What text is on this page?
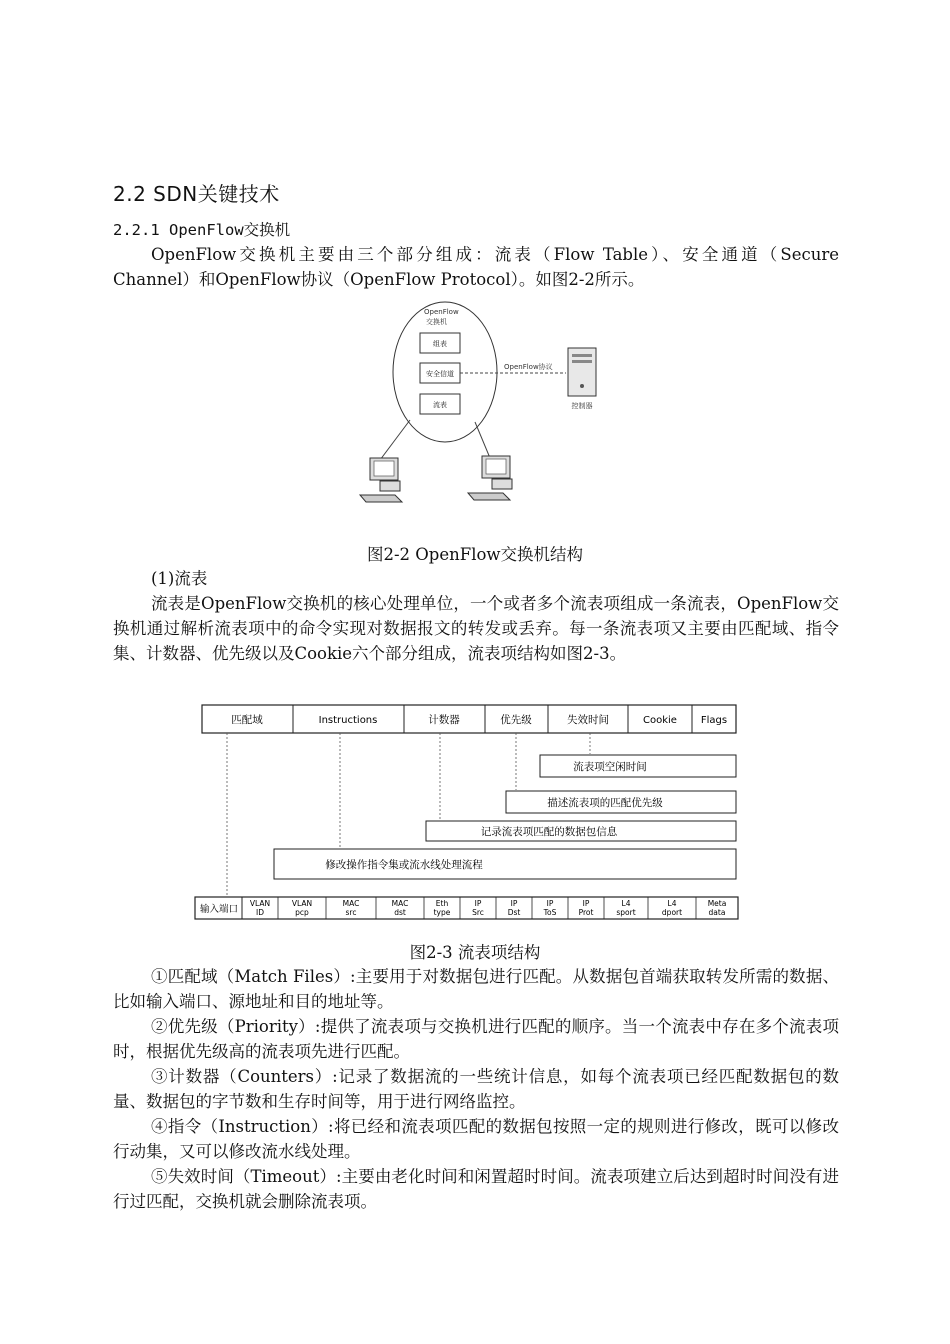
2.2 SDN关键技术
2.2.1 OpenFlow交换机

OpenFlow交换机主要由三个部分组成：流表（Flow Table）、安全通道（Secure Channel）和OpenFlow协议（OpenFlow Protocol）。如图2-2所示。

OpenFlow
交换机
组表
安全信道
流表
OpenFlow协议
控制器

图2-2 OpenFlow交换机结构

(1)流表

流表是OpenFlow交换机的核心处理单位，一个或者多个流表项组成一条流表，OpenFlow交换机通过解析流表项中的命令实现对数据报文的转发或丢弃。每一条流表项又主要由匹配域、指令集、计数器、优先级以及Cookie六个部分组成，流表项结构如图2-3。

匹配域	Instructions	计数器	优先级	失效时间	Cookie Flags
流表项空闲时间
描述流表项的匹配优先级
记录流表项匹配的数据包信息
修改操作指令集或流水线处理流程
输入端口
VLAN
ID
VLAN
pcp
MAC
src
MAC
dst
Eth
type
IP
Src
IP
Dst
IP
ToS
IP
Prot
L4
sport
L4
dport
Meta
data

图2-3 流表项结构

①匹配域（Match Files）:主要用于对数据包进行匹配。从数据包首端获取转发所需的数据、比如输入端口、源地址和目的地址等。

②优先级（Priority）:提供了流表项与交换机进行匹配的顺序。当一个流表中存在多个流表项时，根据优先级高的流表项先进行匹配。

③计数器（Counters）:记录了数据流的一些统计信息，如每个流表项已经匹配数据包的数量、数据包的字节数和生存时间等，用于进行网络监控。

④指令（Instruction）:将已经和流表项匹配的数据包按照一定的规则进行修改，既可以修改行动集，又可以修改流水线处理。

⑤失效时间（Timeout）:主要由老化时间和闲置超时时间。流表项建立后达到超时时间没有进行过匹配，交换机就会删除流表项。
